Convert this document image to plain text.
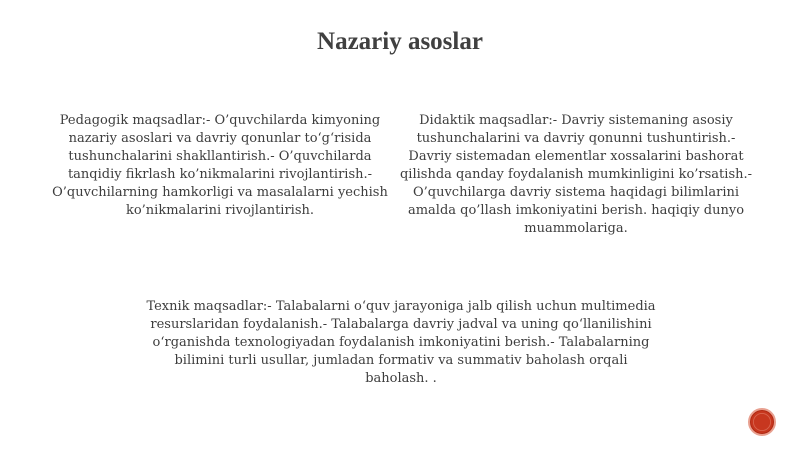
Nazariy asoslar

Pedagogik maqsadlar:- O’quvchilarda kimyoning nazariy asoslari va davriy qonunlar to‘g‘risida tushunchalarini shakllantirish.- O’quvchilarda tanqidiy fikrlash ko’nikmalarini rivojlantirish.- O’quvchilarning hamkorligi va masalalarni yechish ko’nikmalarini rivojlantirish.

Didaktik maqsadlar:- Davriy sistemaning asosiy tushunchalarini va davriy qonunni tushuntirish.- Davriy sistemadan elementlar xossalarini bashorat qilishda qanday foydalanish mumkinligini ko’rsatish.- O’quvchilarga davriy sistema haqidagi bilimlarini amalda qo’llash imkoniyatini berish. haqiqiy dunyo muammolariga.

Texnik maqsadlar:- Talabalarni o‘quv jarayoniga jalb qilish uchun multimedia resurslaridan foydalanish.- Talabalarga davriy jadval va uning qo‘llanilishini o‘rganishda texnologiyadan foydalanish imkoniyatini berish.- Talabalarning bilimini turli usullar, jumladan formativ va summativ baholash orqali baholash. .
